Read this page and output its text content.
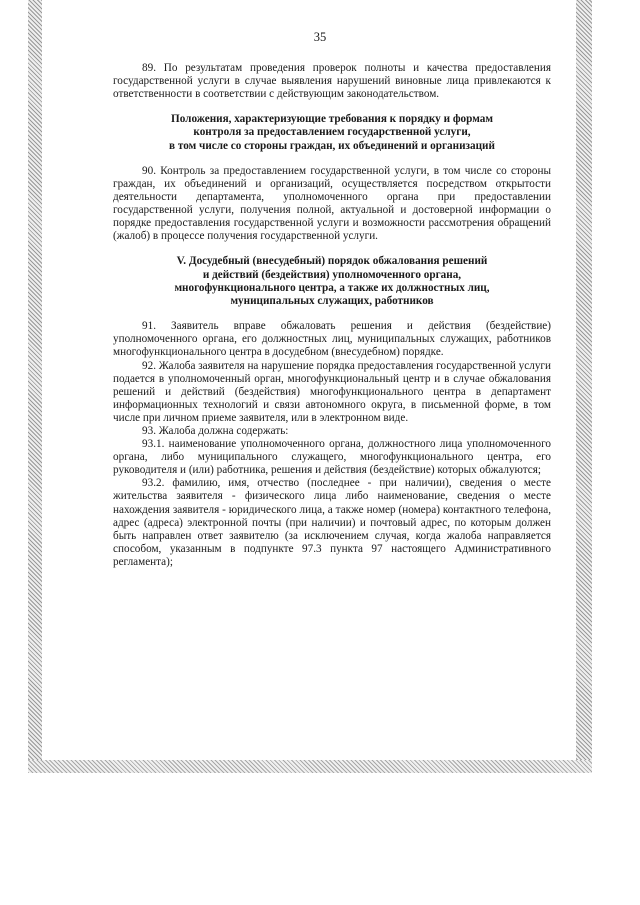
35

89. По результатам проведения проверок полноты и качества предоставления государственной услуги в случае выявления нарушений виновные лица привлекаются к ответственности в соответствии с действующим законодательством.

Положения, характеризующие требования к порядку и формам
контроля за предоставлением государственной услуги,
в том числе со стороны граждан, их объединений и организаций

90. Контроль за предоставлением государственной услуги, в том числе со стороны граждан, их объединений и организаций, осуществляется посредством открытости деятельности департамента, уполномоченного органа при предоставлении государственной услуги, получения полной, актуальной и достоверной информации о порядке предоставления государственной услуги и возможности рассмотрения обращений (жалоб) в процессе получения государственной услуги.

V. Досудебный (внесудебный) порядок обжалования решений
и действий (бездействия) уполномоченного органа,
многофункционального центра, а также их должностных лиц,
муниципальных служащих, работников

91. Заявитель вправе обжаловать решения и действия (бездействие) уполномоченного органа, его должностных лиц, муниципальных служащих, работников многофункционального центра в досудебном (внесудебном) порядке.

92. Жалоба заявителя на нарушение порядка предоставления государственной услуги подается в уполномоченный орган, многофункциональный центр и в случае обжалования решений и действий (бездействия) многофункционального центра в департамент информационных технологий и связи автономного округа, в письменной форме, в том числе при личном приеме заявителя, или в электронном виде.

93. Жалоба должна содержать:

93.1. наименование уполномоченного органа, должностного лица уполномоченного органа, либо муниципального служащего, многофункционального центра, его руководителя и (или) работника, решения и действия (бездействие) которых обжалуются;

93.2. фамилию, имя, отчество (последнее - при наличии), сведения о месте жительства заявителя - физического лица либо наименование, сведения о месте нахождения заявителя - юридического лица, а также номер (номера) контактного телефона, адрес (адреса) электронной почты (при наличии) и почтовый адрес, по которым должен быть направлен ответ заявителю (за исключением случая, когда жалоба направляется способом, указанным в подпункте 97.3 пункта 97 настоящего Административного регламента);
